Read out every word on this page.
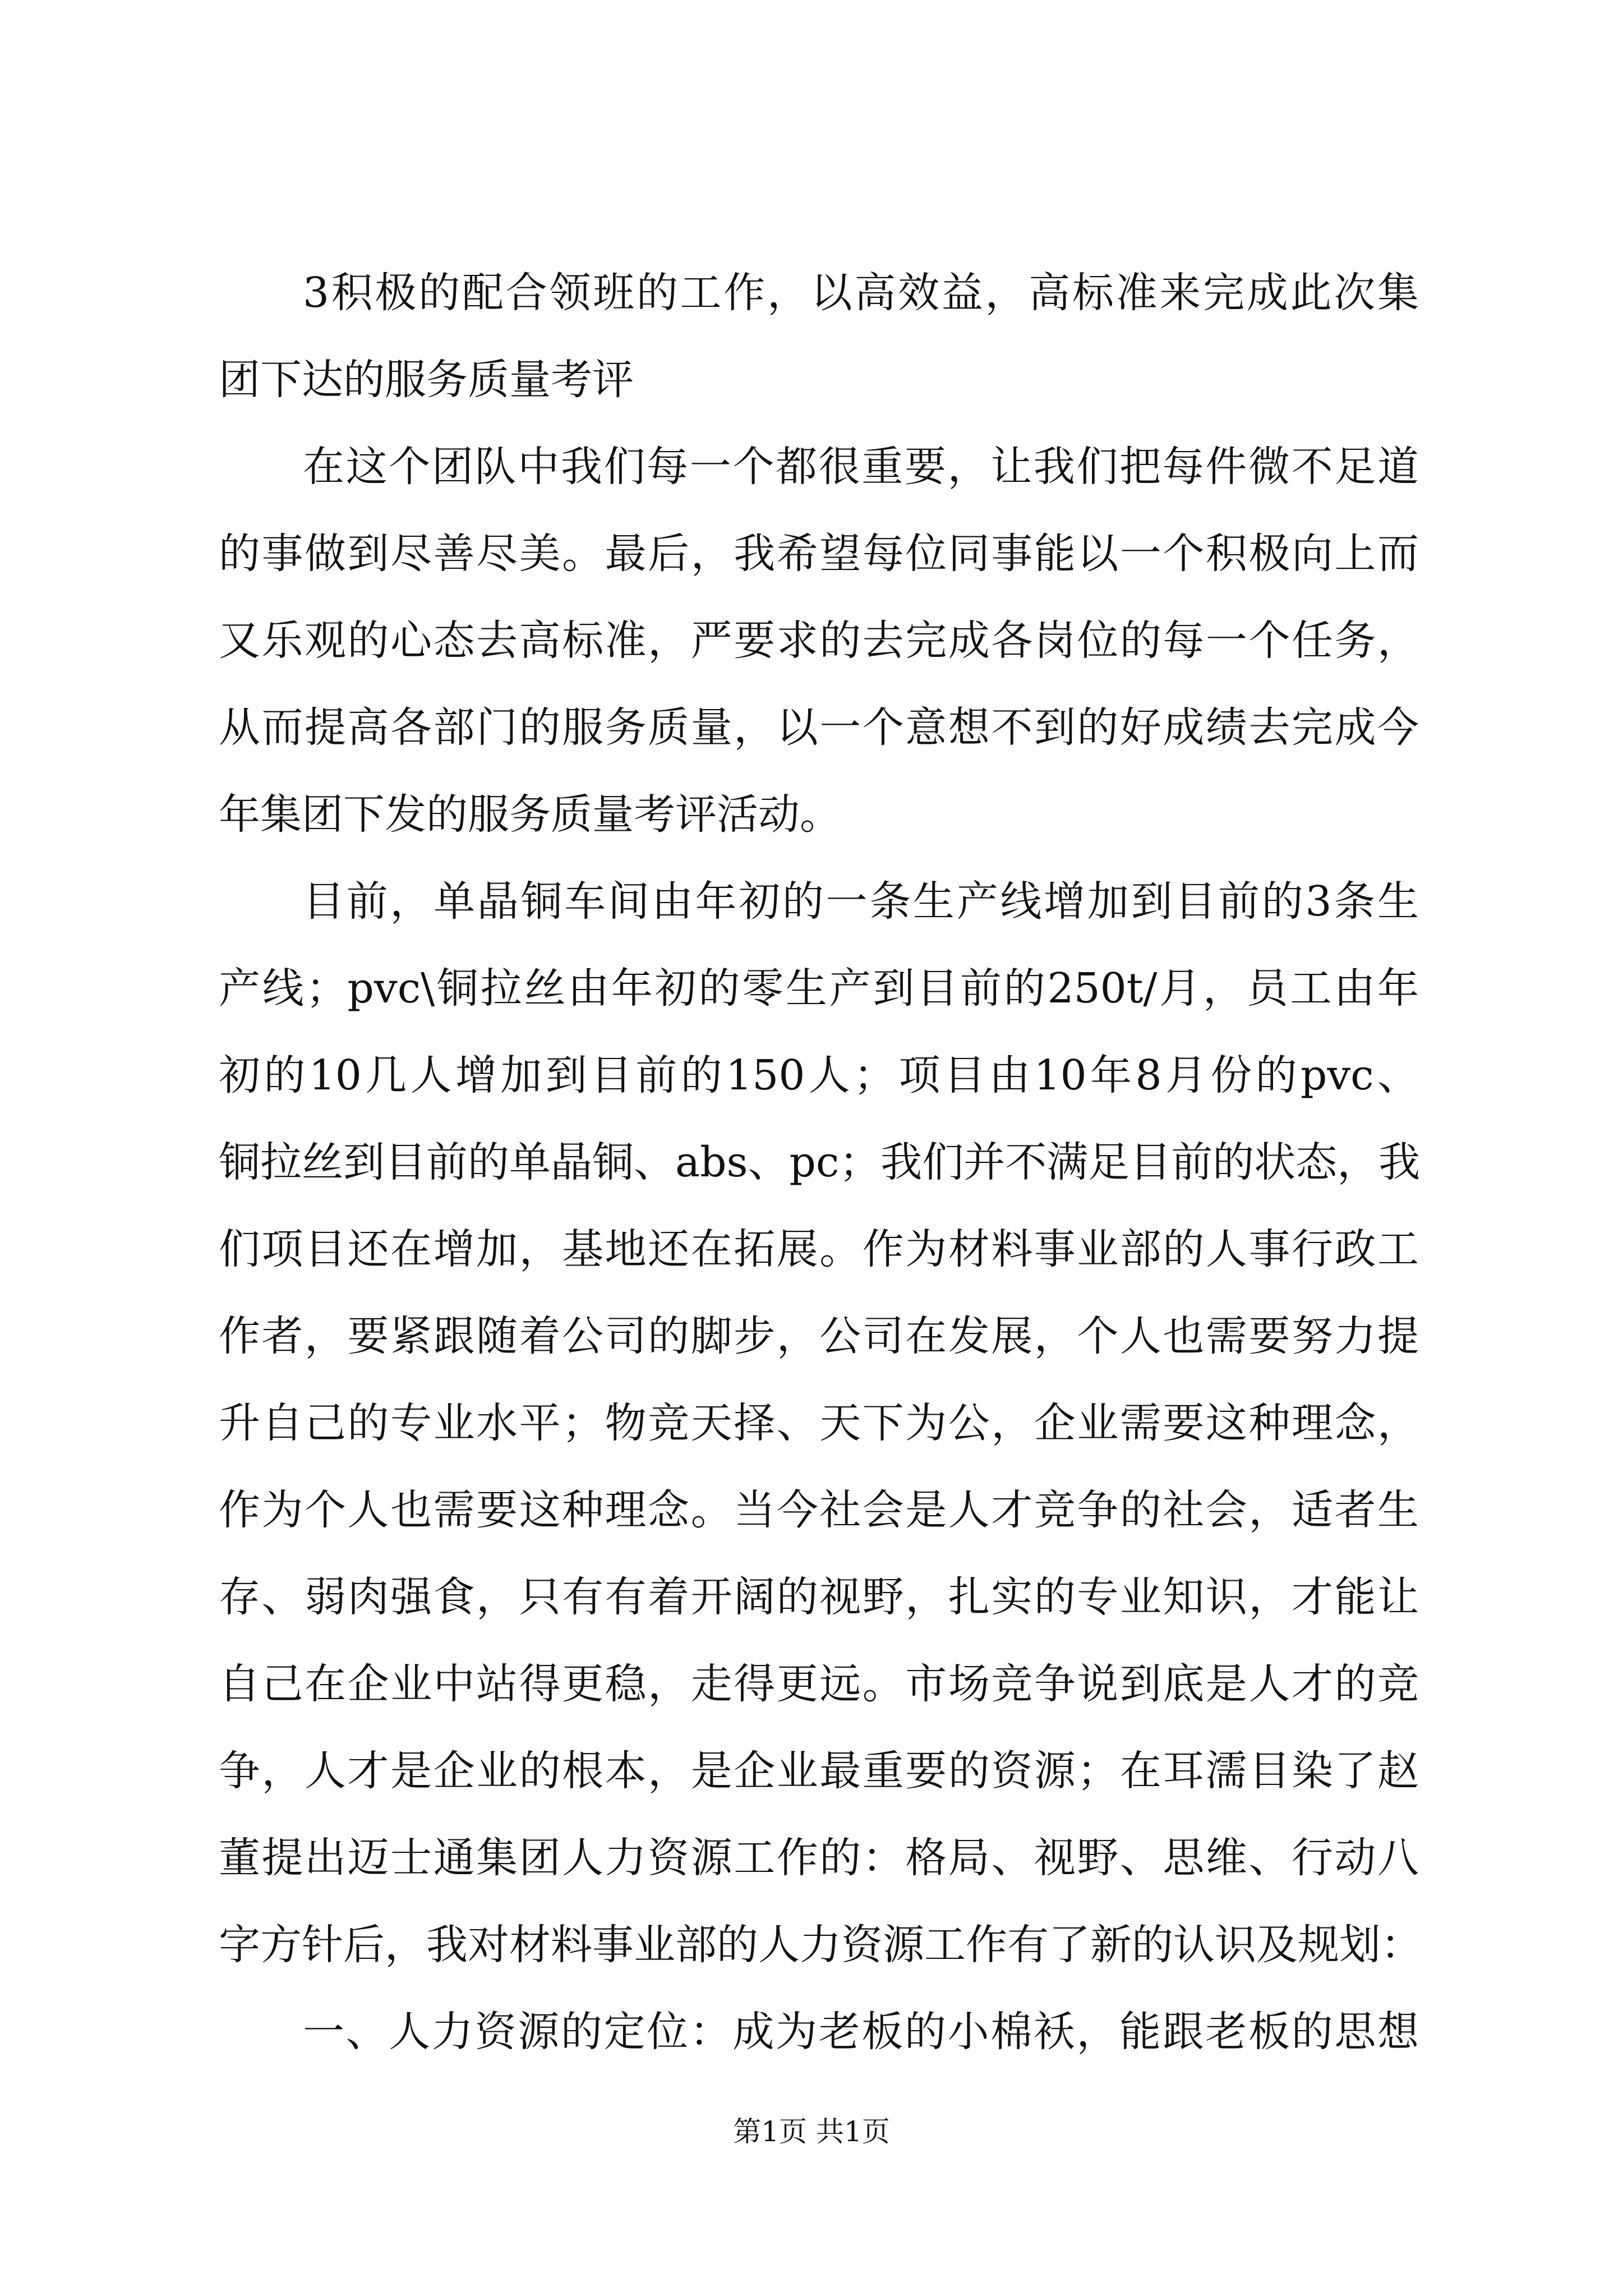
3积极的配合领班的工作，以高效益，高标准来完成此次集
团下达的服务质量考评
在这个团队中我们每一个都很重要，让我们把每件微不足道
的事做到尽善尽美。最后，我希望每位同事能以一个积极向上而
又乐观的心态去高标准，严要求的去完成各岗位的每一个任务，
从而提高各部门的服务质量，以一个意想不到的好成绩去完成今
年集团下发的服务质量考评活动。
目前，单晶铜车间由年初的一条生产线增加到目前的3条生
产线；pvc\铜拉丝由年初的零生产到目前的250t/月，员工由年
初的10几人增加到目前的150人；项目由10年8月份的pvc、
铜拉丝到目前的单晶铜、abs、pc；我们并不满足目前的状态，我
们项目还在增加，基地还在拓展。作为材料事业部的人事行政工
作者，要紧跟随着公司的脚步，公司在发展，个人也需要努力提
升自己的专业水平；物竞天择、天下为公，企业需要这种理念，
作为个人也需要这种理念。当今社会是人才竞争的社会，适者生
存、弱肉强食，只有有着开阔的视野，扎实的专业知识，才能让
自己在企业中站得更稳，走得更远。市场竞争说到底是人才的竞
争，人才是企业的根本，是企业最重要的资源；在耳濡目染了赵
董提出迈士通集团人力资源工作的：格局、视野、思维、行动八
字方针后，我对材料事业部的人力资源工作有了新的认识及规划：
一、人力资源的定位：成为老板的小棉袄，能跟老板的思想
第1页 共1页
